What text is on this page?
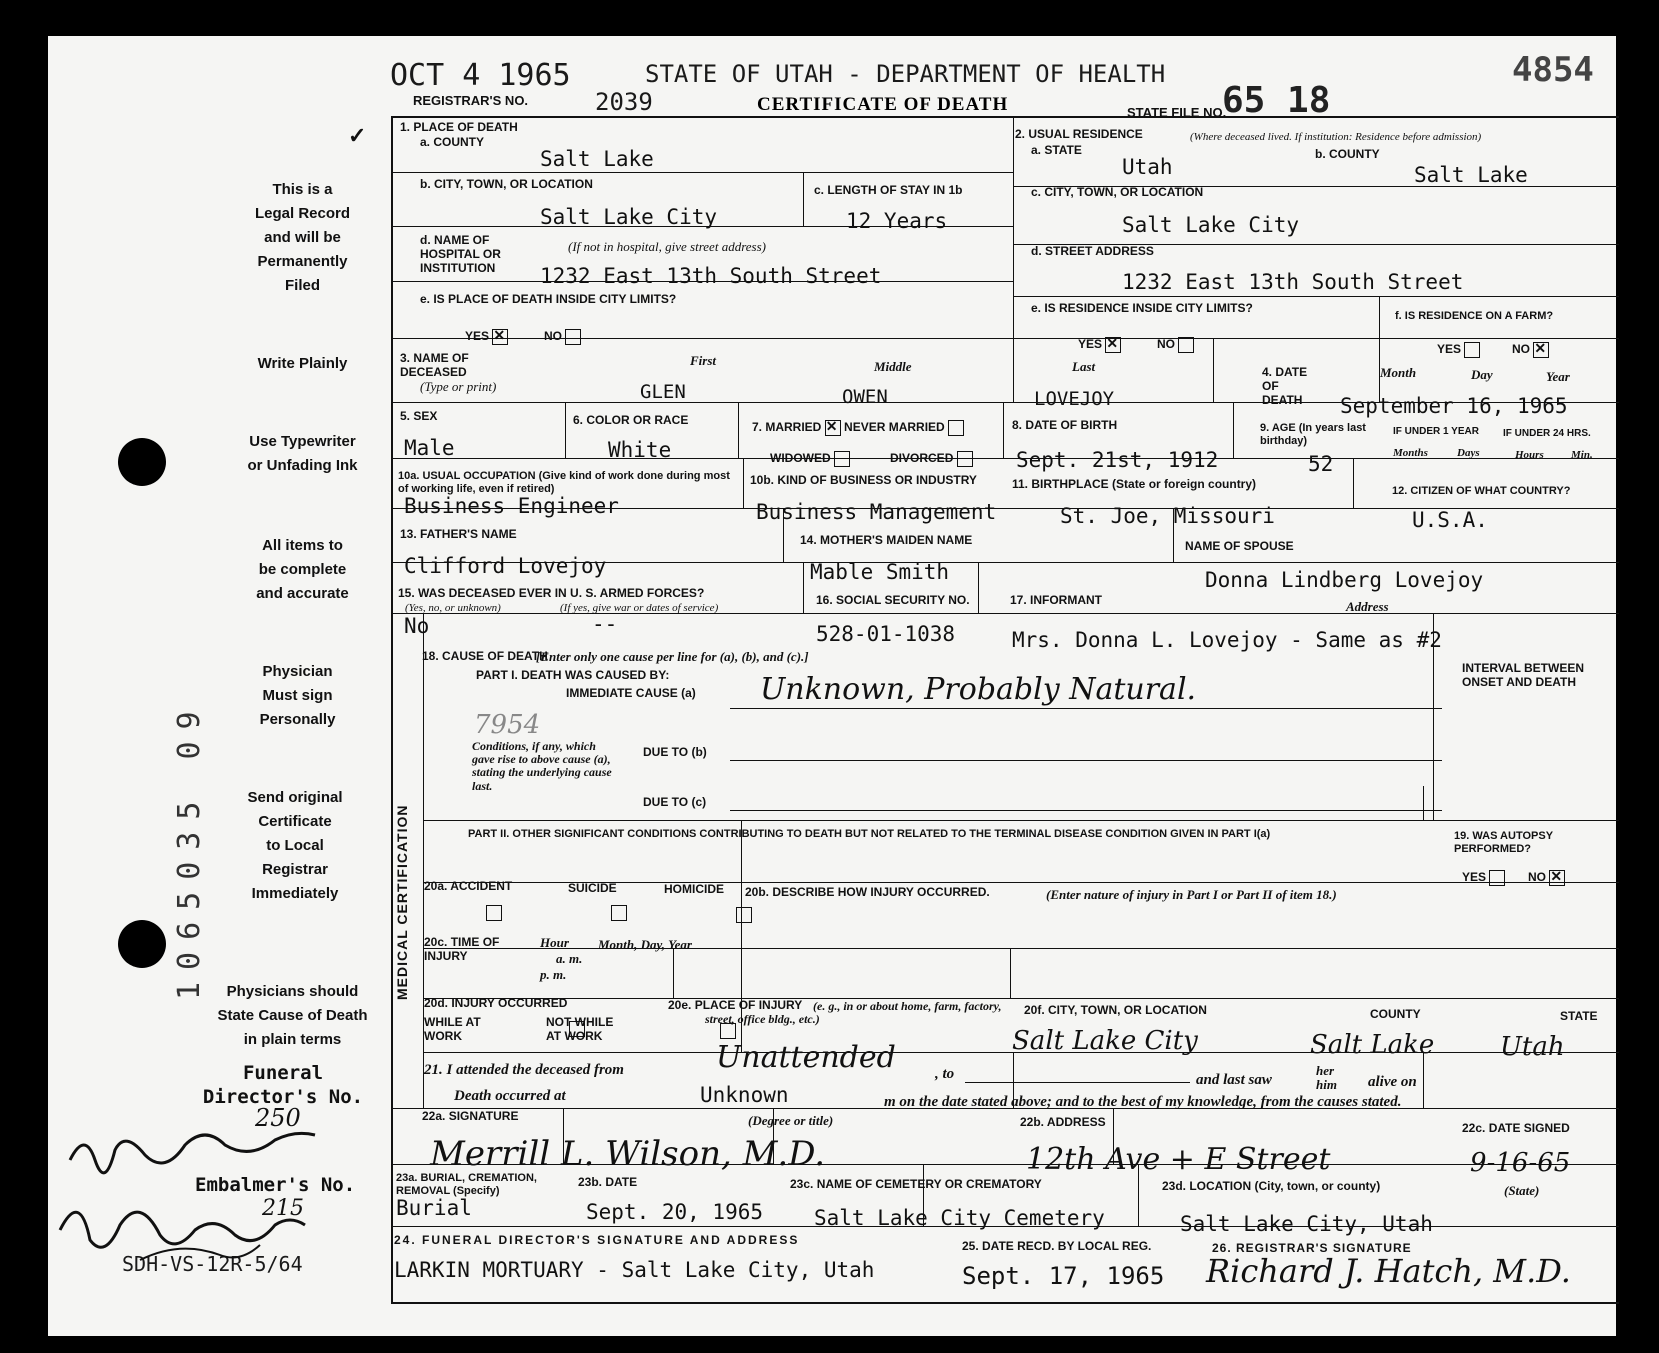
OCT 4 1965
REGISTRAR'S NO.	2039
STATE OF UTAH - DEPARTMENT OF HEALTH
CERTIFICATE OF DEATH	STATE FILE NO.
65 18
4854
✓
This is a
Legal Record
and will be
Permanently
Filed
Write Plainly
Use Typewriter
or Unfading Ink
All items to
be complete
and accurate
Physician
Must sign
Personally
Send original
Certificate
to Local
Registrar
Immediately
Physicians should
State Cause of Death
in plain terms
Funeral
Director's No.
250
Embalmer's No.
215
SDH-VS-12R-5/64
1065035 09
1. PLACE OF DEATH
a. COUNTY
Salt Lake
b. CITY, TOWN, OR LOCATION
Salt Lake City
c. LENGTH OF STAY IN 1b
12 Years
d. NAME OF HOSPITAL OR INSTITUTION
(If not in hospital, give street address)
1232 East 13th South Street
e. IS PLACE OF DEATH INSIDE CITY LIMITS?
YES ✕	NO
2. USUAL RESIDENCE	(Where deceased lived. If institution: Residence before admission)
a. STATE
Utah
b. COUNTY
Salt Lake
c. CITY, TOWN, OR LOCATION
Salt Lake City
d. STREET ADDRESS
1232 East 13th South Street
e. IS RESIDENCE INSIDE CITY LIMITS?
YES ✕	NO
f. IS RESIDENCE ON A FARM?
YES	NO ✕
3. NAME OF DECEASED
(Type or print)
First	Middle	Last
GLEN	OWEN	LOVEJOY
4. DATE OF DEATH
Month	Day	Year
September 16, 1965
5. SEX
Male
6. COLOR OR RACE
White
7. MARRIED ✕ NEVER MARRIED
WIDOWED	DIVORCED
8. DATE OF BIRTH
Sept. 21st, 1912
9. AGE (In years last birthday)
52
IF UNDER 1 YEAR IF UNDER 24 HRS.
Months	Days	Hours Min.
10a. USUAL OCCUPATION (Give kind of work done during most of working life, even if retired)
Business Engineer
10b. KIND OF BUSINESS OR INDUSTRY
Business Management
11. BIRTHPLACE (State or foreign country)
St. Joe, Missouri
12. CITIZEN OF WHAT COUNTRY?
U.S.A.
13. FATHER'S NAME
Clifford Lovejoy
14. MOTHER'S MAIDEN NAME
Mable Smith
NAME OF SPOUSE
Donna Lindberg Lovejoy
15. WAS DECEASED EVER IN U. S. ARMED FORCES?
(Yes, no, or unknown)	(If yes, give war or dates of service)
No	--
16. SOCIAL SECURITY NO.
528-01-1038
17. INFORMANT	Address
Mrs. Donna L. Lovejoy - Same as #2
MEDICAL CERTIFICATION
18. CAUSE OF DEATH
[Enter only one cause per line for (a), (b), and (c).]
PART I. DEATH WAS CAUSED BY:
IMMEDIATE CAUSE (a) Unknown, Probably Natural.
7954
Conditions, if any, which gave rise to above cause (a), stating the underlying cause last.
DUE TO (b)
DUE TO (c)
INTERVAL BETWEEN ONSET AND DEATH
PART II. OTHER SIGNIFICANT CONDITIONS CONTRIBUTING TO DEATH BUT NOT RELATED TO THE TERMINAL DISEASE CONDITION GIVEN IN PART I(a)	19. WAS AUTOPSY PERFORMED?
YES	NO ✕
20a. ACCIDENT	SUICIDE	HOMICIDE
20b. DESCRIBE HOW INJURY OCCURRED.	(Enter nature of injury in Part I or Part II of item 18.)
20c. TIME OF INJURY
Hour
a. m.
p. m.
Month, Day, Year
20d. INJURY OCCURRED
WHILE AT WORK

NOT WHILE AT WORK
20e. PLACE OF INJURY (e. g., in or about home, farm, factory, street, office bldg., etc.)
20f. CITY, TOWN, OR LOCATION	COUNTY	STATE
Salt Lake City	Salt Lake	Utah
21. I attended the deceased from	Unattended	, to	and last saw
her him	alive on
Death occurred at	Unknown	m on the date stated above; and to the best of my knowledge, from the causes stated.
22a. SIGNATURE	(Degree or title)
Merrill L. Wilson, M.D.
22b. ADDRESS
12th Ave + E Street
22c. DATE SIGNED
9-16-65
23a. BURIAL, CREMATION, REMOVAL (Specify)
Burial
23b. DATE
Sept. 20, 1965
23c. NAME OF CEMETERY OR CREMATORY
Salt Lake City Cemetery
23d. LOCATION (City, town, or county)	(State)
Salt Lake City, Utah
24. FUNERAL DIRECTOR'S SIGNATURE AND ADDRESS
LARKIN MORTUARY - Salt Lake City, Utah
25. DATE RECD. BY LOCAL REG.
Sept. 17, 1965
26. REGISTRAR'S SIGNATURE
Richard J. Hatch, M.D.
